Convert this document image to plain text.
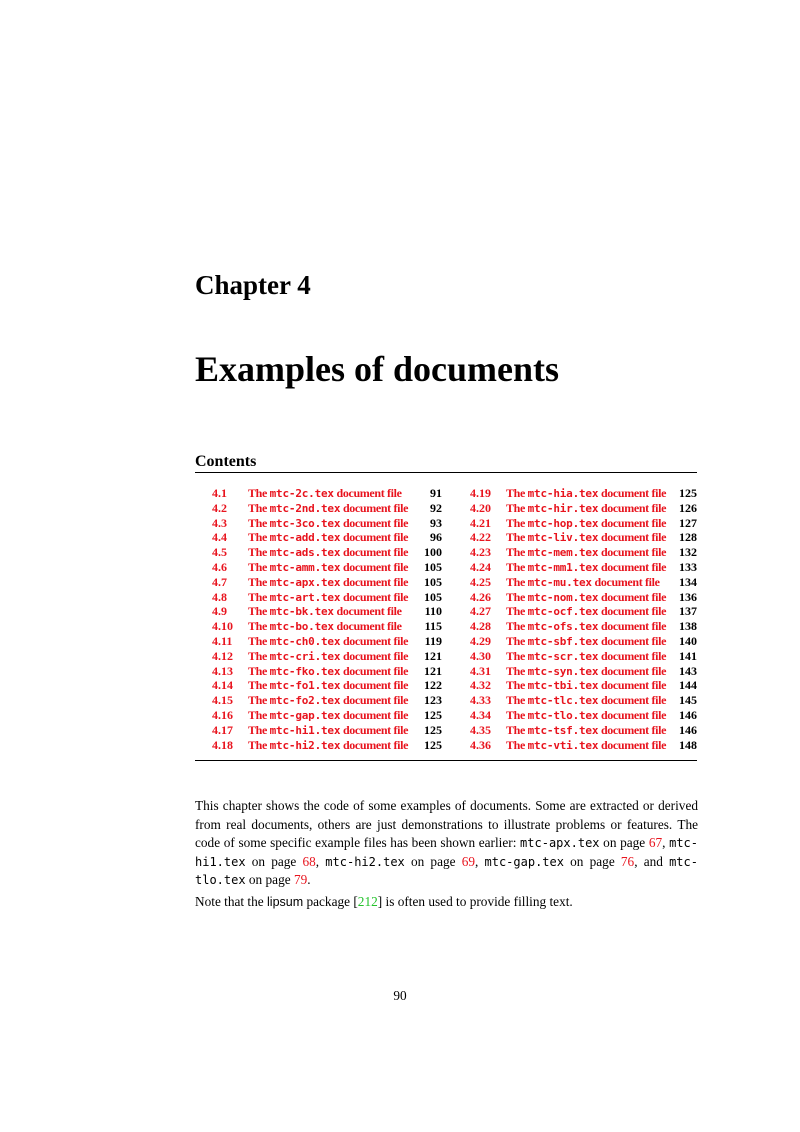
Chapter 4
Examples of documents
Contents
4.1 The mtc-2c.tex document file 91
4.2 The mtc-2nd.tex document file 92
4.3 The mtc-3co.tex document file 93
4.4 The mtc-add.tex document file 96
4.5 The mtc-ads.tex document file 100
4.6 The mtc-amm.tex document file 105
4.7 The mtc-apx.tex document file 105
4.8 The mtc-art.tex document file 105
4.9 The mtc-bk.tex document file 110
4.10 The mtc-bo.tex document file 115
4.11 The mtc-ch0.tex document file 119
4.12 The mtc-cri.tex document file 121
4.13 The mtc-fko.tex document file 121
4.14 The mtc-fo1.tex document file 122
4.15 The mtc-fo2.tex document file 123
4.16 The mtc-gap.tex document file 125
4.17 The mtc-hi1.tex document file 125
4.18 The mtc-hi2.tex document file 125
4.19 The mtc-hia.tex document file 125
4.20 The mtc-hir.tex document file 126
4.21 The mtc-hop.tex document file 127
4.22 The mtc-liv.tex document file 128
4.23 The mtc-mem.tex document file 132
4.24 The mtc-mm1.tex document file 133
4.25 The mtc-mu.tex document file 134
4.26 The mtc-nom.tex document file 136
4.27 The mtc-ocf.tex document file 137
4.28 The mtc-ofs.tex document file 138
4.29 The mtc-sbf.tex document file 140
4.30 The mtc-scr.tex document file 141
4.31 The mtc-syn.tex document file 143
4.32 The mtc-tbi.tex document file 144
4.33 The mtc-tlc.tex document file 145
4.34 The mtc-tlo.tex document file 146
4.35 The mtc-tsf.tex document file 146
4.36 The mtc-vti.tex document file 148
This chapter shows the code of some examples of documents. Some are extracted or derived from real documents, others are just demonstrations to illustrate problems or features. The code of some specific example files has been shown earlier: mtc-apx.tex on page 67, mtc-hi1.tex on page 68, mtc-hi2.tex on page 69, mtc-gap.tex on page 76, and mtc-tlo.tex on page 79.
Note that the lipsum package [212] is often used to provide filling text.
90
